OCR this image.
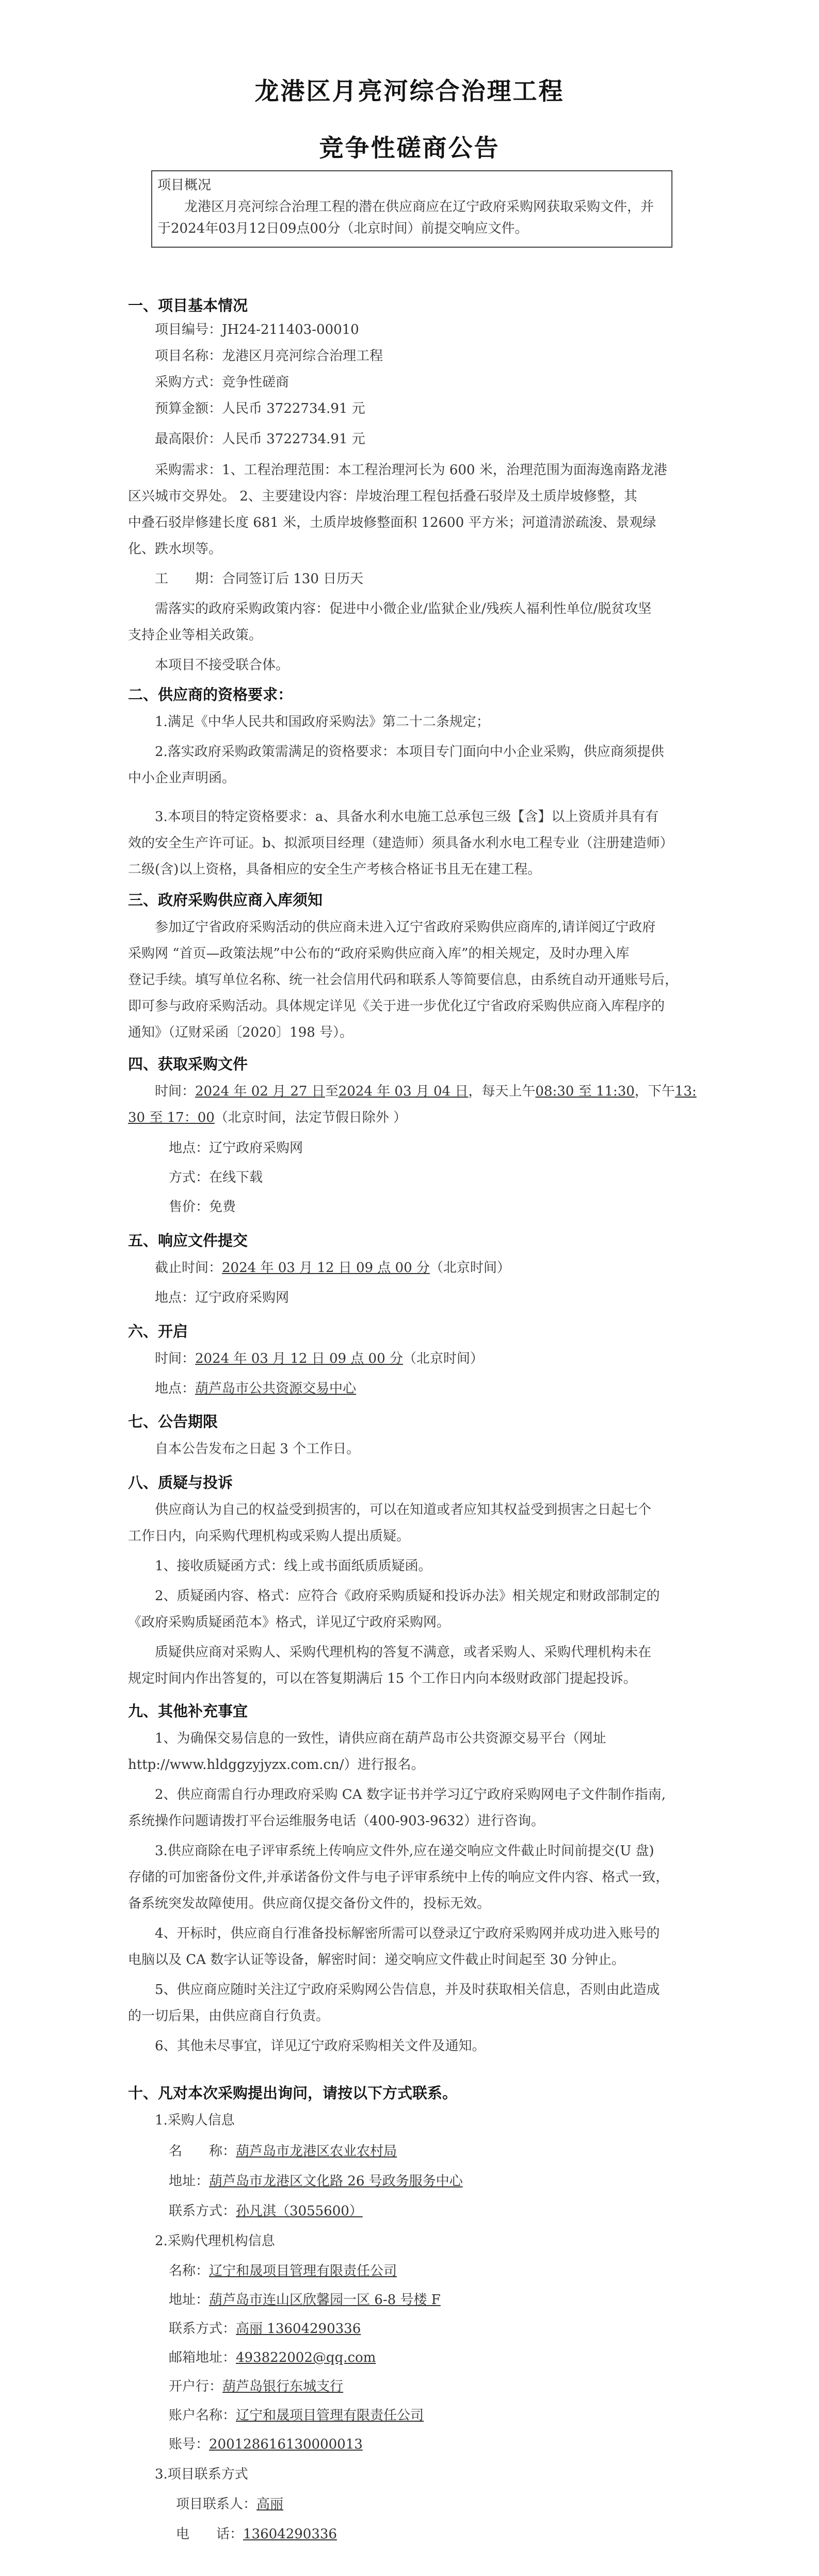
龙港区月亮河综合治理工程
竞争性磋商公告
项目概况

龙港区月亮河综合治理工程的潜在供应商应在辽宁政府采购网获取采购文件，并于2024年03月12日09点00分（北京时间）前提交响应文件。

一、项目基本情况
项目编号：JH24-211403-00010
项目名称：龙港区月亮河综合治理工程
采购方式：竞争性磋商
预算金额：人民币 3722734.91 元
最高限价：人民币 3722734.91 元
采购需求：1、工程治理范围：本工程治理河长为 600 米，治理范围为面海逸南路龙港
区兴城市交界处。 2、主要建设内容：岸坡治理工程包括叠石驳岸及土质岸坡修整，其
中叠石驳岸修建长度 681 米，土质岸坡修整面积 12600 平方米；河道清淤疏浚、景观绿
化、跌水坝等。
工　　期：合同签订后 130 日历天
需落实的政府采购政策内容：促进中小微企业/监狱企业/残疾人福利性单位/脱贫攻坚
支持企业等相关政策。
本项目不接受联合体。
二、供应商的资格要求：
1.满足《中华人民共和国政府采购法》第二十二条规定；
2.落实政府采购政策需满足的资格要求：本项目专门面向中小企业采购，供应商须提供
中小企业声明函。
3.本项目的特定资格要求：a、具备水利水电施工总承包三级【含】以上资质并具有有
效的安全生产许可证。b、拟派项目经理（建造师）须具备水利水电工程专业（注册建造师）
二级(含)以上资格，具备相应的安全生产考核合格证书且无在建工程。
三、政府采购供应商入库须知
参加辽宁省政府采购活动的供应商未进入辽宁省政府采购供应商库的,请详阅辽宁政府
采购网 “首页—政策法规”中公布的“政府采购供应商入库”的相关规定，及时办理入库
登记手续。填写单位名称、统一社会信用代码和联系人等简要信息，由系统自动开通账号后，
即可参与政府采购活动。具体规定详见《关于进一步优化辽宁省政府采购供应商入库程序的
通知》（辽财采函〔2020〕198 号）。
四、获取采购文件
时间：2024 年 02 月 27 日至2024 年 03 月 04 日，每天上午08:30 至 11:30，下午13:
30 至 17：00（北京时间，法定节假日除外 ）
地点：辽宁政府采购网
方式：在线下载
售价：免费
五、响应文件提交
截止时间：2024 年 03 月 12 日 09 点 00 分（北京时间）
地点：辽宁政府采购网
六、开启
时间：2024 年 03 月 12 日 09 点 00 分（北京时间）
地点：葫芦岛市公共资源交易中心
七、公告期限
自本公告发布之日起 3 个工作日。
八、质疑与投诉
供应商认为自己的权益受到损害的，可以在知道或者应知其权益受到损害之日起七个
工作日内，向采购代理机构或采购人提出质疑。
1、接收质疑函方式：线上或书面纸质质疑函。
2、质疑函内容、格式：应符合《政府采购质疑和投诉办法》相关规定和财政部制定的
《政府采购质疑函范本》格式，详见辽宁政府采购网。
质疑供应商对采购人、采购代理机构的答复不满意，或者采购人、采购代理机构未在
规定时间内作出答复的，可以在答复期满后 15 个工作日内向本级财政部门提起投诉。
九、其他补充事宜
1、为确保交易信息的一致性，请供应商在葫芦岛市公共资源交易平台（网址
http://www.hldggzyjyzx.com.cn/）进行报名。
2、供应商需自行办理政府采购 CA 数字证书并学习辽宁政府采购网电子文件制作指南,
系统操作问题请拨打平台运维服务电话（400-903-9632）进行咨询。
3.供应商除在电子评审系统上传响应文件外,应在递交响应文件截止时间前提交(U 盘)
存储的可加密备份文件,并承诺备份文件与电子评审系统中上传的响应文件内容、格式一致，
备系统突发故障使用。供应商仅提交备份文件的，投标无效。
4、开标时，供应商自行准备投标解密所需可以登录辽宁政府采购网并成功进入账号的
电脑以及 CA 数字认证等设备，解密时间：递交响应文件截止时间起至 30 分钟止。
5、供应商应随时关注辽宁政府采购网公告信息，并及时获取相关信息，否则由此造成
的一切后果，由供应商自行负责。
6、其他未尽事宜，详见辽宁政府采购相关文件及通知。
十、凡对本次采购提出询问，请按以下方式联系。
1.采购人信息
名　　称：葫芦岛市龙港区农业农村局
地址：葫芦岛市龙港区文化路 26 号政务服务中心
联系方式：孙凡淇（3055600）
2.采购代理机构信息
名称：辽宁和晟项目管理有限责任公司
地址：葫芦岛市连山区欣馨园一区 6-8 号楼 F
联系方式：高丽 13604290336
邮箱地址：493822002@qq.com
开户行：葫芦岛银行东城支行
账户名称：辽宁和晟项目管理有限责任公司
账号：200128616130000013
3.项目联系方式
项目联系人：高丽
电　　话：13604290336
